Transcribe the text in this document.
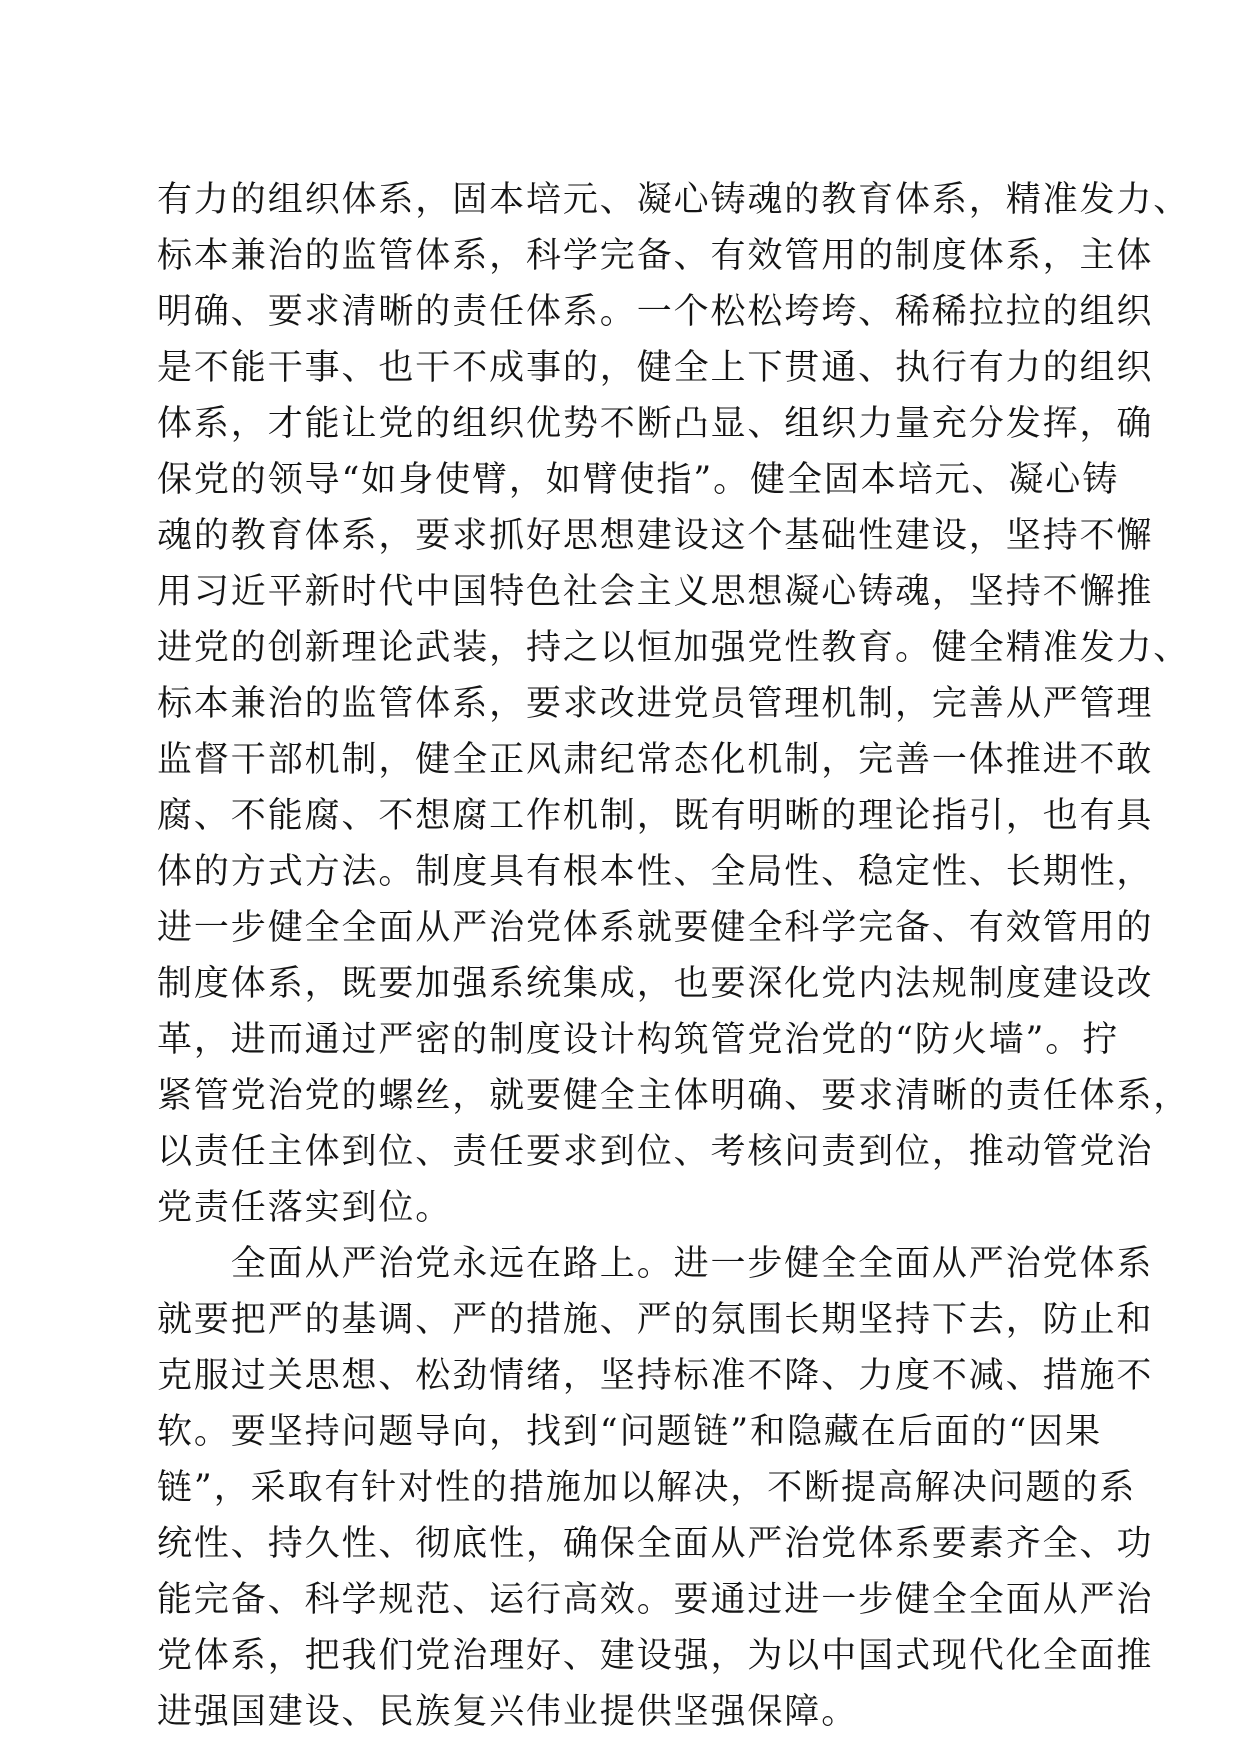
有力的组织体系，固本培元、凝心铸魂的教育体系，精准发力、
标本兼治的监管体系，科学完备、有效管用的制度体系，主体
明确、要求清晰的责任体系。一个松松垮垮、稀稀拉拉的组织
是不能干事、也干不成事的，健全上下贯通、执行有力的组织
体系，才能让党的组织优势不断凸显、组织力量充分发挥，确
保党的领导“如身使臂，如臂使指”。健全固本培元、凝心铸
魂的教育体系，要求抓好思想建设这个基础性建设，坚持不懈
用习近平新时代中国特色社会主义思想凝心铸魂，坚持不懈推
进党的创新理论武装，持之以恒加强党性教育。健全精准发力、
标本兼治的监管体系，要求改进党员管理机制，完善从严管理
监督干部机制，健全正风肃纪常态化机制，完善一体推进不敢
腐、不能腐、不想腐工作机制，既有明晰的理论指引，也有具
体的方式方法。制度具有根本性、全局性、稳定性、长期性，
进一步健全全面从严治党体系就要健全科学完备、有效管用的
制度体系，既要加强系统集成，也要深化党内法规制度建设改
革，进而通过严密的制度设计构筑管党治党的“防火墙”。拧
紧管党治党的螺丝，就要健全主体明确、要求清晰的责任体系，
以责任主体到位、责任要求到位、考核问责到位，推动管党治
党责任落实到位。
　　全面从严治党永远在路上。进一步健全全面从严治党体系
就要把严的基调、严的措施、严的氛围长期坚持下去，防止和
克服过关思想、松劲情绪，坚持标准不降、力度不减、措施不
软。要坚持问题导向，找到“问题链”和隐藏在后面的“因果
链”，采取有针对性的措施加以解决，不断提高解决问题的系
统性、持久性、彻底性，确保全面从严治党体系要素齐全、功
能完备、科学规范、运行高效。要通过进一步健全全面从严治
党体系，把我们党治理好、建设强，为以中国式现代化全面推
进强国建设、民族复兴伟业提供坚强保障。
